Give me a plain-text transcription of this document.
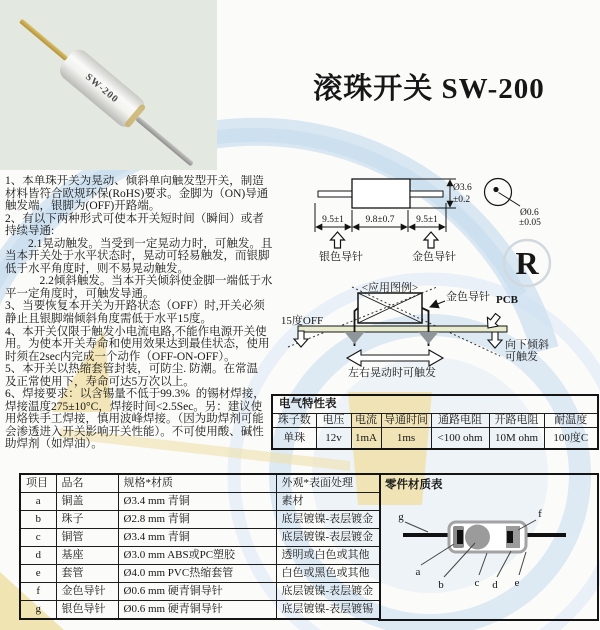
R
SW-200	滚珠开关 SW-200
1、本单珠开关为晃动、倾斜单向触发型开关，制造
材料皆符合欧规环保(RoHS)要求。金脚为（ON)导通
触发端，银脚为(OFF)开路端。
2、有以下两种形式可使本开关短时间（瞬间）或者
持续导通:
　　2.1晃动触发。当受到一定晃动力时，可触发。且
当本开关处于水平状态时，晃动可轻易触发，而银脚
低于水平角度时，则不易晃动触发。
　　　2.2倾斜触发。当本开关倾斜使金脚一端低于水
平一定角度时，可触发导通。
3、当要恢复本开关为开路状态（OFF）时,开关必须
静止且银脚端倾斜角度需低于水平15度。
4、本开关仅限于触发小电流电路,不能作电源开关使
用。为使本开关寿命和使用效果达到最佳状态，使用
时须在2sec内完成一个动作（OFF-ON-OFF）。
5、本开关以热缩套管封装，可防尘. 防潮。在常温
及正常使用下，寿命可达5万次以上。
6、焊接要求：以含锡量不低于99.3%  的锡材焊接，
焊接温度275±10°C，焊接时间<2.5Sec。另：建议使
用烙铁手工焊接，慎用波峰焊接。（因为助焊剂可能
会渗透进入开关影响开关性能）。不可使用酸、碱性
助焊剂（如焊油）。
9.5±1 9.8±0.7 9.5±1
Ø3.6
±0.2
Ø0.6
±0.05
银色导针	金色导针
<应用图例>
金色导针 PCB
15度OFF
向下倾斜
可触发
左右晃动时可触发
电气特性表						
珠子数	电压	电流	导通时间	通路电阻	开路电阻	耐温度
单珠	12v	1mA	1ms	<100 ohm	10M ohm	100度C
项目	品名	规格*材质	外观*表面处理
a	铜盖	Ø3.4 mm 青铜	素材
b	珠子	Ø2.8 mm 青铜	底层镀镍-表层镀金
c	铜管	Ø3.4 mm 青铜	底层镀镍-表层镀金
d	基座	Ø3.0 mm ABS或PC塑胶	透明或白色或其他
e	套管	Ø4.0 mm PVC热缩套管	白色或黑色或其他
f	金色导针	Ø0.6 mm 硬青铜导针	底层镀镍-表层镀金
g	银色导针	Ø0.6 mm 硬青铜导针	底层镀镍-表层镀锡
零件材质表
g	f
a
b	c d e
